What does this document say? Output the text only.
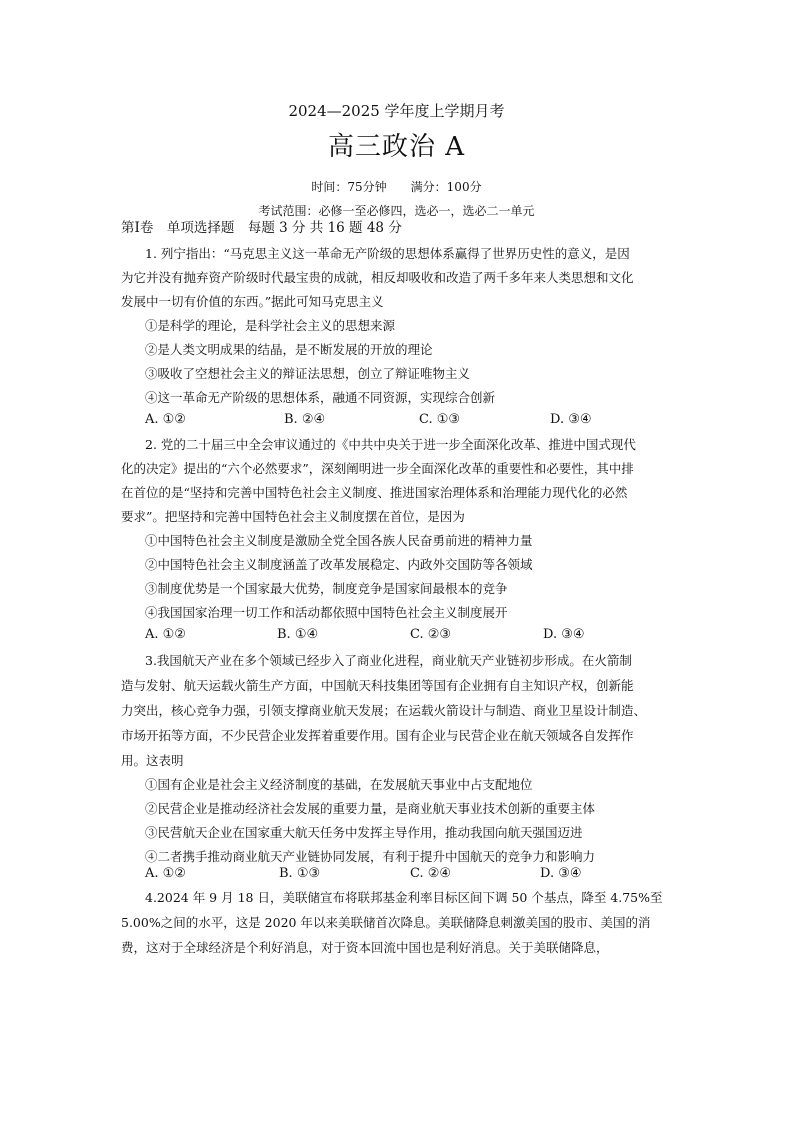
2024—2025 学年度上学期月考
高三政治 A
时间：75分钟　　满分：100分
考试范围：必修一至必修四，选必一，选必二一单元
第Ⅰ卷　单项选择题　每题 3 分 共 16 题 48 分
1. 列宁指出：“马克思主义这一革命无产阶级的思想体系赢得了世界历史性的意义，是因
为它并没有抛弃资产阶级时代最宝贵的成就，相反却吸收和改造了两千多年来人类思想和文化
发展中一切有价值的东西。”据此可知马克思主义
①是科学的理论，是科学社会主义的思想来源
②是人类文明成果的结晶，是不断发展的开放的理论
③吸收了空想社会主义的辩证法思想，创立了辩证唯物主义
④这一革命无产阶级的思想体系，融通不同资源，实现综合创新
A. ①②	B. ②④	C. ①③	D. ③④
2. 党的二十届三中全会审议通过的《中共中央关于进一步全面深化改革、推进中国式现代
化的决定》提出的“六个必然要求”，深刻阐明进一步全面深化改革的重要性和必要性，其中排
在首位的是“坚持和完善中国特色社会主义制度、推进国家治理体系和治理能力现代化的必然
要求”。把坚持和完善中国特色社会主义制度摆在首位，是因为
①中国特色社会主义制度是激励全党全国各族人民奋勇前进的精神力量
②中国特色社会主义制度涵盖了改革发展稳定、内政外交国防等各领域
③制度优势是一个国家最大优势，制度竞争是国家间最根本的竞争
④我国国家治理一切工作和活动都依照中国特色社会主义制度展开
A. ①②	B. ①④	C. ②③	D. ③④
3.我国航天产业在多个领域已经步入了商业化进程，商业航天产业链初步形成。在火箭制
造与发射、航天运载火箭生产方面，中国航天科技集团等国有企业拥有自主知识产权，创新能
力突出，核心竞争力强，引领支撑商业航天发展；在运载火箭设计与制造、商业卫星设计制造、
市场开拓等方面，不少民营企业发挥着重要作用。国有企业与民营企业在航天领域各自发挥作
用。这表明
①国有企业是社会主义经济制度的基础，在发展航天事业中占支配地位
②民营企业是推动经济社会发展的重要力量，是商业航天事业技术创新的重要主体
③民营航天企业在国家重大航天任务中发挥主导作用，推动我国向航天强国迈进
④二者携手推动商业航天产业链协同发展，有利于提升中国航天的竞争力和影响力
A. ①②	B. ①③	C. ②④	D. ③④
4.2024 年 9 月 18 日，美联储宣布将联邦基金利率目标区间下调 50 个基点，降至 4.75%至
5.00%之间的水平，这是 2020 年以来美联储首次降息。美联储降息刺激美国的股市、美国的消
费，这对于全球经济是个利好消息，对于资本回流中国也是利好消息。关于美联储降息，
